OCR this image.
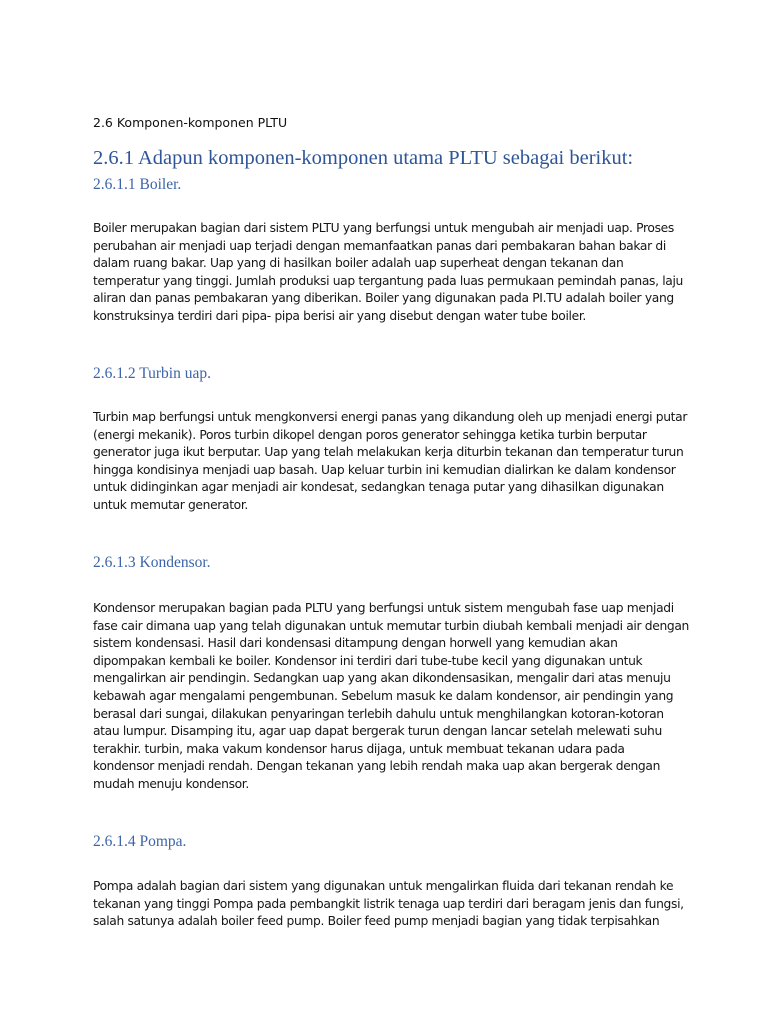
2.6 Komponen-komponen PLTU
2.6.1 Adapun komponen-komponen utama PLTU sebagai berikut:
2.6.1.1 Boiler.
Boiler merupakan bagian dari sistem PLTU yang berfungsi untuk mengubah air menjadi uap. Proses
perubahan air menjadi uap terjadi dengan memanfaatkan panas dari pembakaran bahan bakar di
dalam ruang bakar. Uap yang di hasilkan boiler adalah uap superheat dengan tekanan dan
temperatur yang tinggi. Jumlah produksi uap tergantung pada luas permukaan pemindah panas, laju
aliran dan panas pembakaran yang diberikan. Boiler yang digunakan pada PI.TU adalah boiler yang
konstruksinya terdiri dari pipa- pipa berisi air yang disebut dengan water tube boiler.
2.6.1.2 Turbin uap.
Turbin мap berfungsi untuk mengkonversi energi panas yang dikandung oleh up menjadi energi putar
(energi mekanik). Poros turbin dikopel dengan poros generator sehingga ketika turbin berputar
generator juga ikut berputar. Uap yang telah melakukan kerja diturbin tekanan dan temperatur turun
hingga kondisinya menjadi uap basah. Uap keluar turbin ini kemudian dialirkan ke dalam kondensor
untuk didinginkan agar menjadi air kondesat, sedangkan tenaga putar yang dihasilkan digunakan
untuk memutar generator.
2.6.1.3 Kondensor.
Kondensor merupakan bagian pada PLTU yang berfungsi untuk sistem mengubah fase uap menjadi
fase cair dimana uap yang telah digunakan untuk memutar turbin diubah kembali menjadi air dengan
sistem kondensasi. Hasil dari kondensasi ditampung dengan horwell yang kemudian akan
dipompakan kembali ke boiler. Kondensor ini terdiri dari tube-tube kecil yang digunakan untuk
mengalirkan air pendingin. Sedangkan uap yang akan dikondensasikan, mengalir dari atas menuju
kebawah agar mengalami pengembunan. Sebelum masuk ke dalam kondensor, air pendingin yang
berasal dari sungai, dilakukan penyaringan terlebih dahulu untuk menghilangkan kotoran-kotoran
atau lumpur. Disamping itu, agar uap dapat bergerak turun dengan lancar setelah melewati suhu
terakhir. turbin, maka vakum kondensor harus dijaga, untuk membuat tekanan udara pada
kondensor menjadi rendah. Dengan tekanan yang lebih rendah maka uap akan bergerak dengan
mudah menuju kondensor.
2.6.1.4 Pompa.
Pompa adalah bagian dari sistem yang digunakan untuk mengalirkan fluida dari tekanan rendah ke
tekanan yang tinggi Pompa pada pembangkit listrik tenaga uap terdiri dari beragam jenis dan fungsi,
salah satunya adalah boiler feed pump. Boiler feed pump menjadi bagian yang tidak terpisahkan
